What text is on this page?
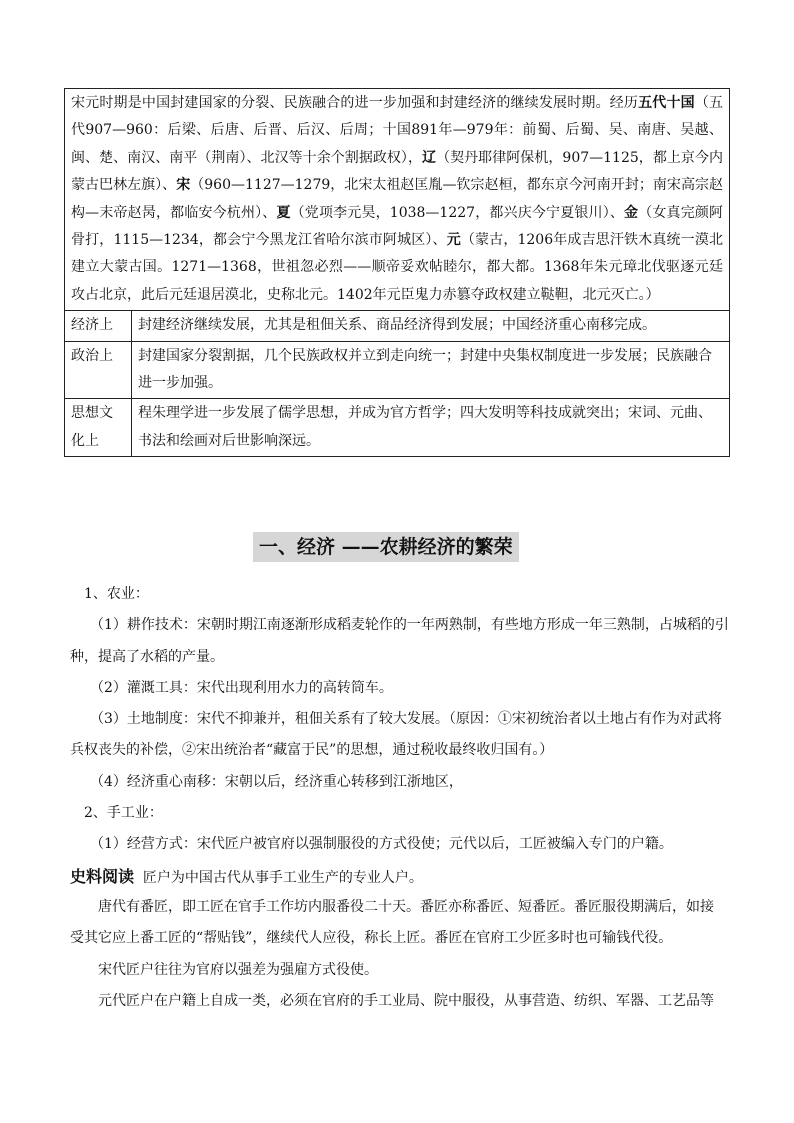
宋元时期是中国封建国家的分裂、民族融合的进一步加强和封建经济的继续发展时期。经历五代十国（五代907—960：后梁、后唐、后晋、后汉、后周；十国891年—979年：前蜀、后蜀、吴、南唐、吴越、闽、楚、南汉、南平（荆南）、北汉等十余个割据政权），辽（契丹耶律阿保机，907—1125，都上京今内蒙古巴林左旗）、宋（960—1127—1279，北宋太祖赵匡胤—钦宗赵桓，都东京今河南开封；南宋高宗赵构—末帝赵昺，都临安今杭州）、夏（党项李元昊，1038—1227，都兴庆今宁夏银川）、金（女真完颜阿骨打，1115—1234，都会宁今黑龙江省哈尔滨市阿城区）、元（蒙古，1206年成吉思汗铁木真统一漠北建立大蒙古国。1271—1368，世祖忽必烈——顺帝妥欢帖睦尔，都大都。1368年朱元璋北伐驱逐元廷攻占北京，此后元廷退居漠北，史称北元。1402年元臣鬼力赤篡夺政权建立鞑靼，北元灭亡。）	
经济上	封建经济继续发展，尤其是租佃关系、商品经济得到发展；中国经济重心南移完成。
政治上	封建国家分裂割据，几个民族政权并立到走向统一；封建中央集权制度进一步发展；民族融合进一步加强。
思想文化上	程朱理学进一步发展了儒学思想，并成为官方哲学；四大发明等科技成就突出；宋词、元曲、书法和绘画对后世影响深远。
一、经济 ——农耕经济的繁荣
1、农业：
（1）耕作技术：宋朝时期江南逐渐形成稻麦轮作的一年两熟制，有些地方形成一年三熟制，占城稻的引
种，提高了水稻的产量。
（2）灌溉工具：宋代出现利用水力的高转筒车。
（3）土地制度：宋代不抑兼并，租佃关系有了较大发展。（原因：①宋初统治者以土地占有作为对武将
兵权丧失的补偿，②宋出统治者“藏富于民”的思想，通过税收最终收归国有。）
（4）经济重心南移：宋朝以后，经济重心转移到江浙地区，
2、手工业：
（1）经营方式：宋代匠户被官府以强制服役的方式役使；元代以后，工匠被编入专门的户籍。
史料阅读 匠户为中国古代从事手工业生产的专业人户。
唐代有番匠，即工匠在官手工作坊内服番役二十天。番匠亦称番匠、短番匠。番匠服役期满后，如接
受其它应上番工匠的“帮贴钱”，继续代人应役，称长上匠。番匠在官府工少匠多时也可输钱代役。
宋代匠户往往为官府以强差为强雇方式役使。
元代匠户在户籍上自成一类，必须在官府的手工业局、院中服役，从事营造、纺织、军器、工艺品等
